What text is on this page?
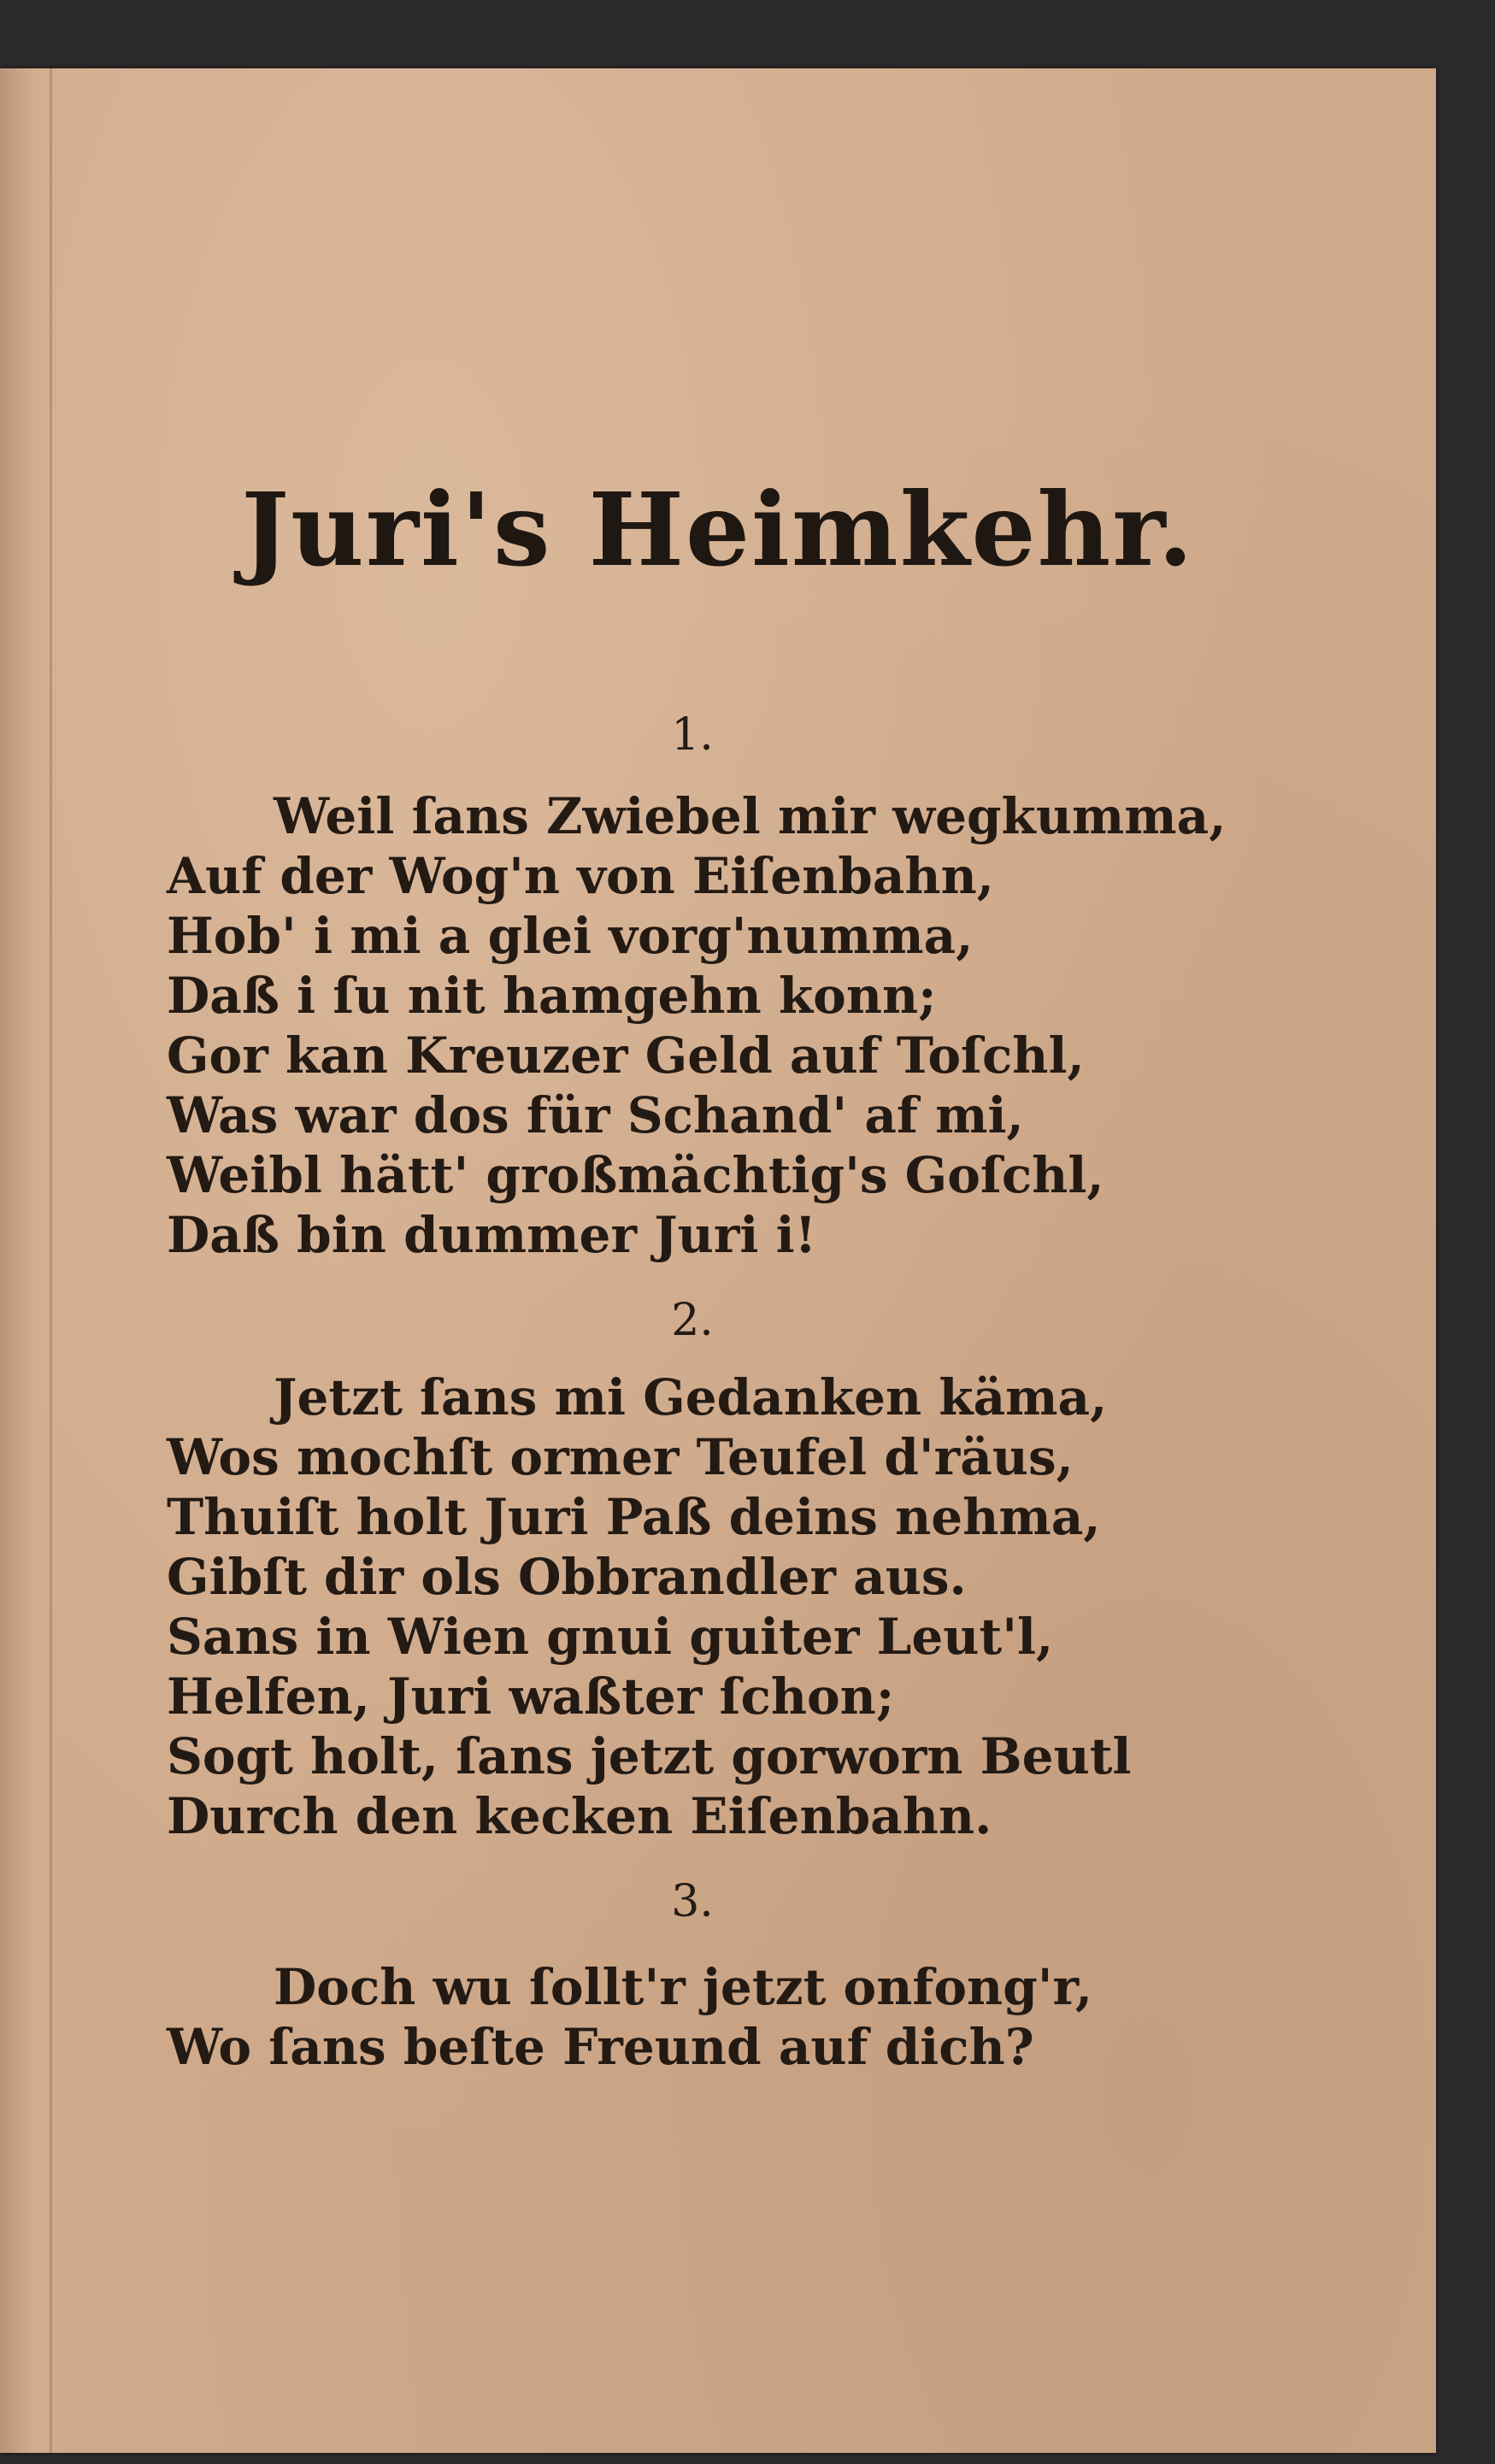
Juri's Heimkehr.
1.
Weil ſans Zwiebel mir wegkumma,
Auf der Wog'n von Eiſenbahn,
Hob' i mi a glei vorg'numma,
Daß i ſu nit hamgehn konn;
Gor kan Kreuzer Geld auf Toſchl,
Was war dos für Schand' af mi,
Weibl hätt' großmächtig's Goſchl,
Daß bin dummer Juri i!
2.
Jetzt ſans mi Gedanken käma,
Wos mochſt ormer Teufel d'räus,
Thuiſt holt Juri Paß deins nehma,
Gibſt dir ols Obbrandler aus.
Sans in Wien gnui guiter Leut'l,
Helfen, Juri waßter ſchon;
Sogt holt, ſans jetzt gorworn Beutl
Durch den kecken Eiſenbahn.
3.
Doch wu ſollt'r jetzt onfong'r,
Wo ſans beſte Freund auf dich?
